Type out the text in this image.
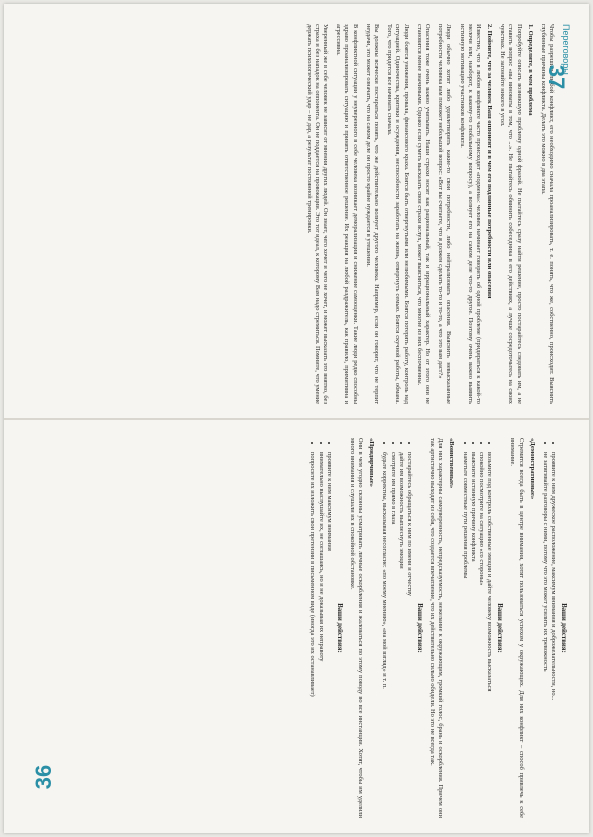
Переговоры

Чтобы разрешить любой конфликт, его необходимо сначала проанализировать, т. е. понять, что же, собственно, происходит. Выяснить глубинные причины конфликта. Делать это можно в два этапа.

1. Определите, в чем проблема

Попробуйте описать возникшую проблему одной фразой. Не пытайтесь сразу найти решение, просто постарайтесь следовать им, а не ставить вопрос «вы виноваты в том, что ...». Не пытайтесь обвинить собеседника в его действиях, а лучше сосредоточьтесь на своих чувствах. Не загоняйте никого в угол.

2. Поймите, что за человек Ваш оппонент и в чем его подлинные потребности или опасения

Известно, что в любом конфликте часто происходит «подмена»: человек начинает говорить об одной проблеме (придираться к какой-то мелочи или, наоборот, к какому-то глобальному вопросу), а волнует его на самом деле что-то другое. Поэтому очень важно выявить истинную мотивацию участников конфликта.

Люди обычно хотят либо удовлетворить какие-то свои потребности, либо нейтрализовать опасения. Выяснить невысказанные потребности человека вам поможет небольшой вопрос: «Вот вы считаете, что я должен сделать то-то и то-то, а что это вам даст?»

Опасения тоже очень важно учитывать. Наши страхи носят как рациональный, так и иррациональный характер. Но от этого они не становятся менее значимыми. Однако если суметь высказать свои страхи вслух, может выясниться, что многие из них беспочвенны.

Люди боятся унижения, провала, финансового краха. Боятся быть отвергнутыми или нелюбимыми. Боятся потерять работу, контроль над ситуацией. Одиночества, критики и осуждения, неспособности заработать на жизнь, отвергнуть семью. Боятся скучной работы, обмана. Того, что придется все начинать сначала.

Вы должны всячески постараться понять, что же действительно волнует другого человека. Например, если он говорит, что не терпит неудачи, это может означать, что на самом деле он просто крайне нуждается в утешении.

В конфликтной ситуации у неуверенного в себе человека возникает деморализация и снижение самооценки. Такие люди редко способны здраво проанализировать ситуацию и принять ответственное решение. Их реакция на любой раздражитель, как правило, примитивна и агрессивна.

Уверенный же в себе человек не зависит от мнения других людей. Он знает, чего хочет и чего не хочет, и может высказать это внятно, без страха и без нападок на оппонента. Он не поддается на провокации. Это тот идеал, к которому Вам надо стремиться. Помните, что умение держать психологический удар – не дар, а результат постоянной тренировки.

Ваши действия:

• проявите к ним дружеское расположение, максимум внимания и доброжелательности, но...
• не затягивайте разговоры с ними, потому что это может усилить их тревожность

«Демонстративные»

Стремятся всегда быть в центре внимания, хотят пользоваться успехом у окружающих. Для них конфликт – способ привлечь к себе внимание.

Ваши действия:

• возьмите под контроль собственные эмоции и дайте человеку возможность высказаться
• спокойно посмотрите на ситуацию «со стороны»
• выясните истинную причину конфликта
• наметьте совместные пути решения проблемы

«Воинственные»

Для них характерны самоуверенность, непредсказуемость, нежелание к окружающим, громкий голос, брань и оскорбления. Причем они так артистично выходят из себя, что создается впечатление, что их действительно сильно обидели. Но это не всегда так.

Ваши действия:

• постарайтесь обращаться к ним по имени и отчеству
• дайте им возможность выплеснуть эмоции
• смотрите им прямо в глаза
• будьте корректны, высказывая несогласие: «по моему мнению», «на мой взгляд» и т. п.

«Придирчивые»

Они в чем угодно склонны усматривать личные оскорбления и жаловаться по этому поводу во все инстанции. Хотят, чтобы им уделили много внимания и слушали их в спокойной обстановке.

Ваши действия:

• проявите к ним максимум внимания
• внимательно выслушайте их, не соглашаясь, но и не доказывая их неправоту
• попросите их изложить свои претензии в письменном виде (иногда это их останавливает)
37
36
